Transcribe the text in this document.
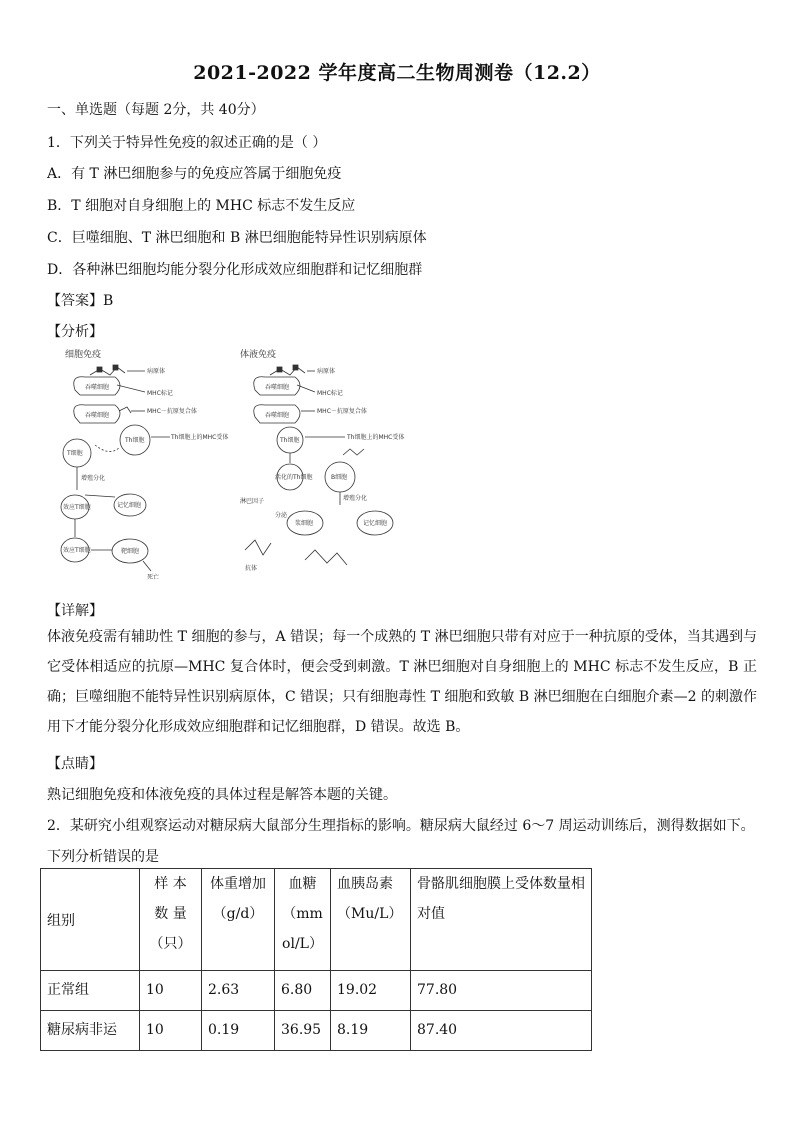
2021-2022 学年度高二生物周测卷（12.2）
一、单选题（每题 2分，共 40分）
1．下列关于特异性免疫的叙述正确的是（ ）
A．有 T 淋巴细胞参与的免疫应答属于细胞免疫
B．T 细胞对自身细胞上的 MHC 标志不发生反应
C．巨噬细胞、T 淋巴细胞和 B 淋巴细胞能特异性识别病原体
D．各种淋巴细胞均能分裂分化形成效应细胞群和记忆细胞群
【答案】B
【分析】
细胞免疫
病原体
吞噬细胞
MHC标记
吞噬细胞
MHC－抗原复合体
Th细胞	Th细胞上的MHC受体
T细胞
增殖分化
效应T细胞	记忆细胞
效应T细胞	靶细胞
死亡
体液免疫
病原体
吞噬细胞
MHC标记
吞噬细胞
MHC－抗原复合体
Th细胞	Th细胞上的MHC受体
活化的Th细胞	B细胞
淋巴因子	增殖分化
分泌
浆细胞	记忆细胞
抗体
【详解】
体液免疫需有辅助性 T 细胞的参与，A 错误；每一个成熟的 T 淋巴细胞只带有对应于一种抗原的受体，当其遇到与它受体相适应的抗原—MHC 复合体时，便会受到刺激。T 淋巴细胞对自身细胞上的 MHC 标志不发生反应，B 正确；巨噬细胞不能特异性识别病原体，C 错误；只有细胞毒性 T 细胞和致敏 B 淋巴细胞在白细胞介素—2 的刺激作用下才能分裂分化形成效应细胞群和记忆细胞群，D 错误。故选 B。
【点睛】
熟记细胞免疫和体液免疫的具体过程是解答本题的关键。
2．某研究小组观察运动对糖尿病大鼠部分生理指标的影响。糖尿病大鼠经过 6～7 周运动训练后，测得数据如下。
下列分析错误的是
组别	样 本 数 量 （只）	体重增加（g/d）	血糖 （mm ol/L）	血胰岛素（Mu/L）	骨骼肌细胞膜上受体数量相对值
正常组	10	2.63	6.80	19.02	77.80
糖尿病非运	10	0.19	36.95	8.19	87.40
